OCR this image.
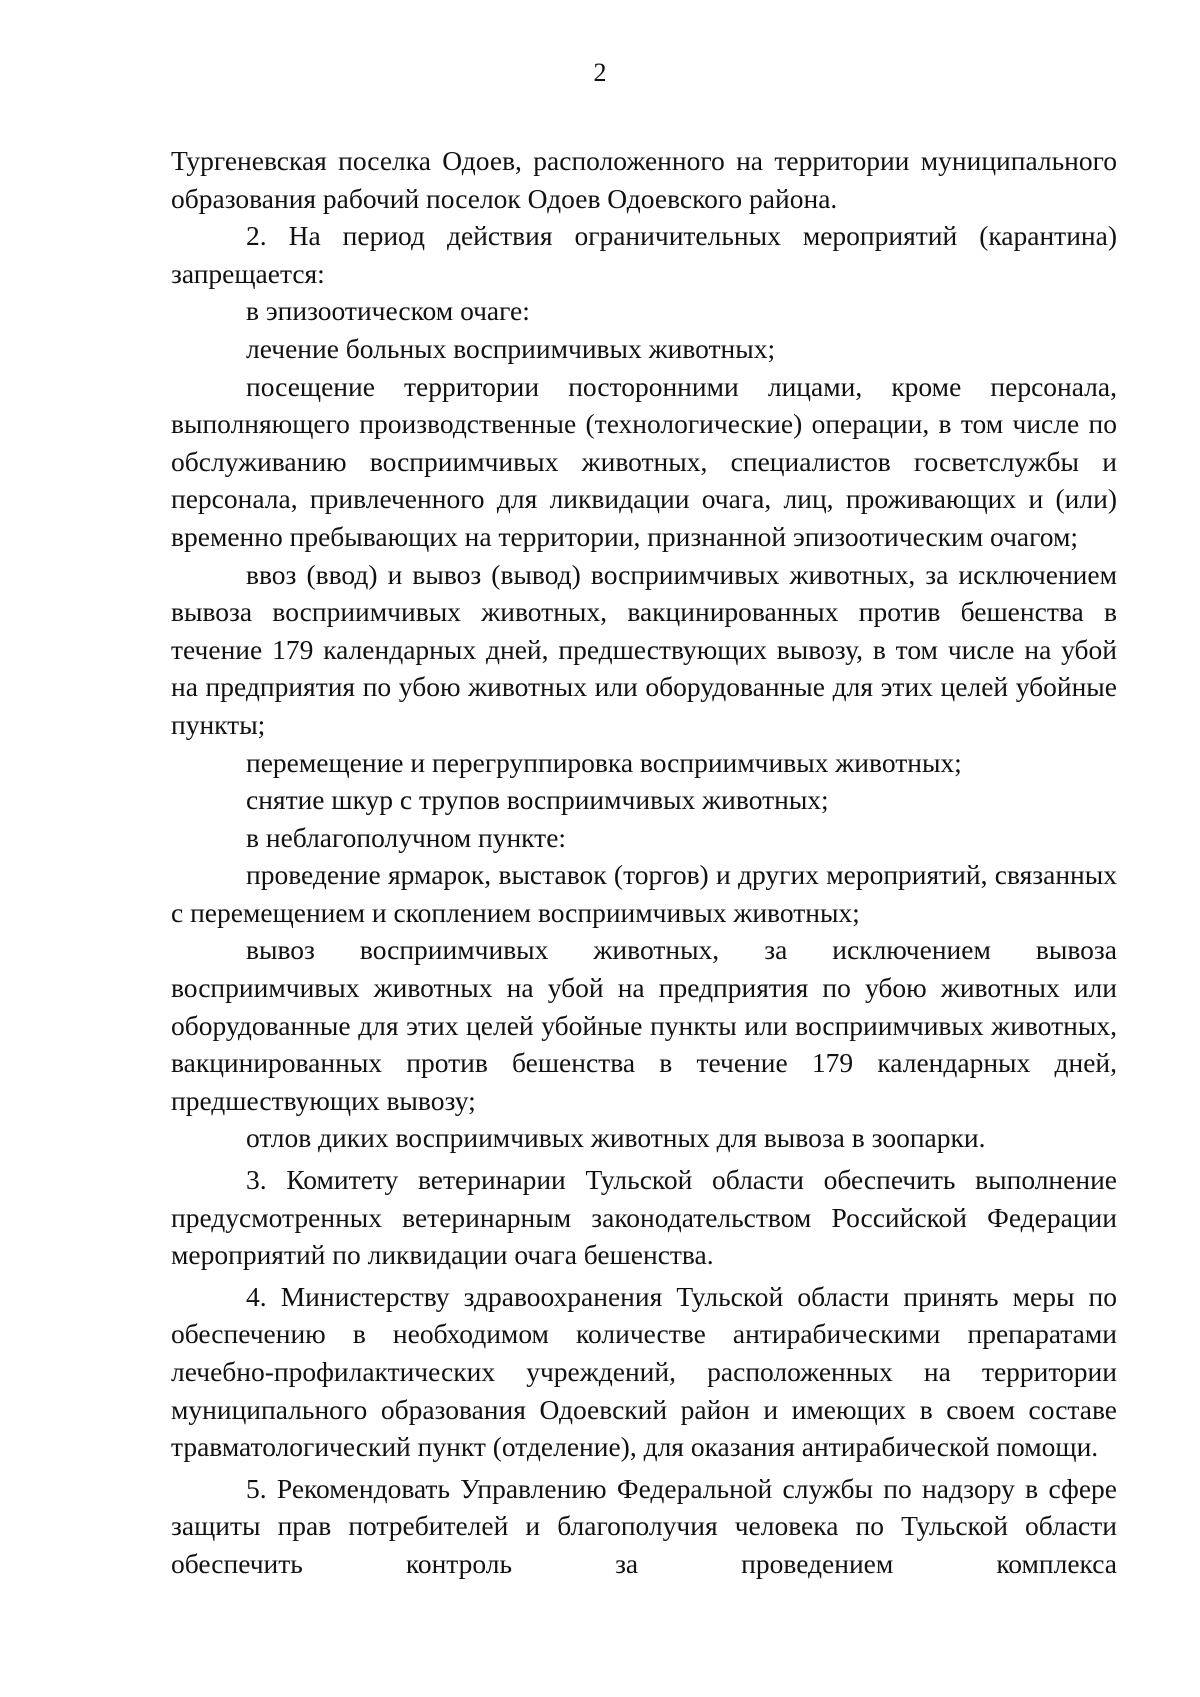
2

Тургеневская поселка Одоев, расположенного на территории муниципального образования рабочий поселок Одоев Одоевского района.

2. На период действия ограничительных мероприятий (карантина) запрещается:

в эпизоотическом очаге:

лечение больных восприимчивых животных;

посещение территории посторонними лицами, кроме персонала, выполняющего производственные (технологические) операции, в том числе по обслуживанию восприимчивых животных, специалистов госветслужбы и персонала, привлеченного для ликвидации очага, лиц, проживающих и (или) временно пребывающих на территории, признанной эпизоотическим очагом;

ввоз (ввод) и вывоз (вывод) восприимчивых животных, за исключением вывоза восприимчивых животных, вакцинированных против бешенства в течение 179 календарных дней, предшествующих вывозу, в том числе на убой на предприятия по убою животных или оборудованные для этих целей убойные пункты;

перемещение и перегруппировка восприимчивых животных;

снятие шкур с трупов восприимчивых животных;

в неблагополучном пункте:

проведение ярмарок, выставок (торгов) и других мероприятий, связанных с перемещением и скоплением восприимчивых животных;

вывоз восприимчивых животных, за исключением вывоза восприимчивых животных на убой на предприятия по убою животных или оборудованные для этих целей убойные пункты или восприимчивых животных, вакцинированных против бешенства в течение 179 календарных дней, предшествующих вывозу;

отлов диких восприимчивых животных для вывоза в зоопарки.

3. Комитету ветеринарии Тульской области обеспечить выполнение предусмотренных ветеринарным законодательством Российской Федерации мероприятий по ликвидации очага бешенства.

4. Министерству здравоохранения Тульской области принять меры по обеспечению в необходимом количестве антирабическими препаратами лечебно-профилактических учреждений, расположенных на территории муниципального образования Одоевский район и имеющих в своем составе травматологический пункт (отделение), для оказания антирабической помощи.

5. Рекомендовать Управлению Федеральной службы по надзору в сфере защиты прав потребителей и благополучия человека по Тульской области обеспечить контроль за проведением комплекса
